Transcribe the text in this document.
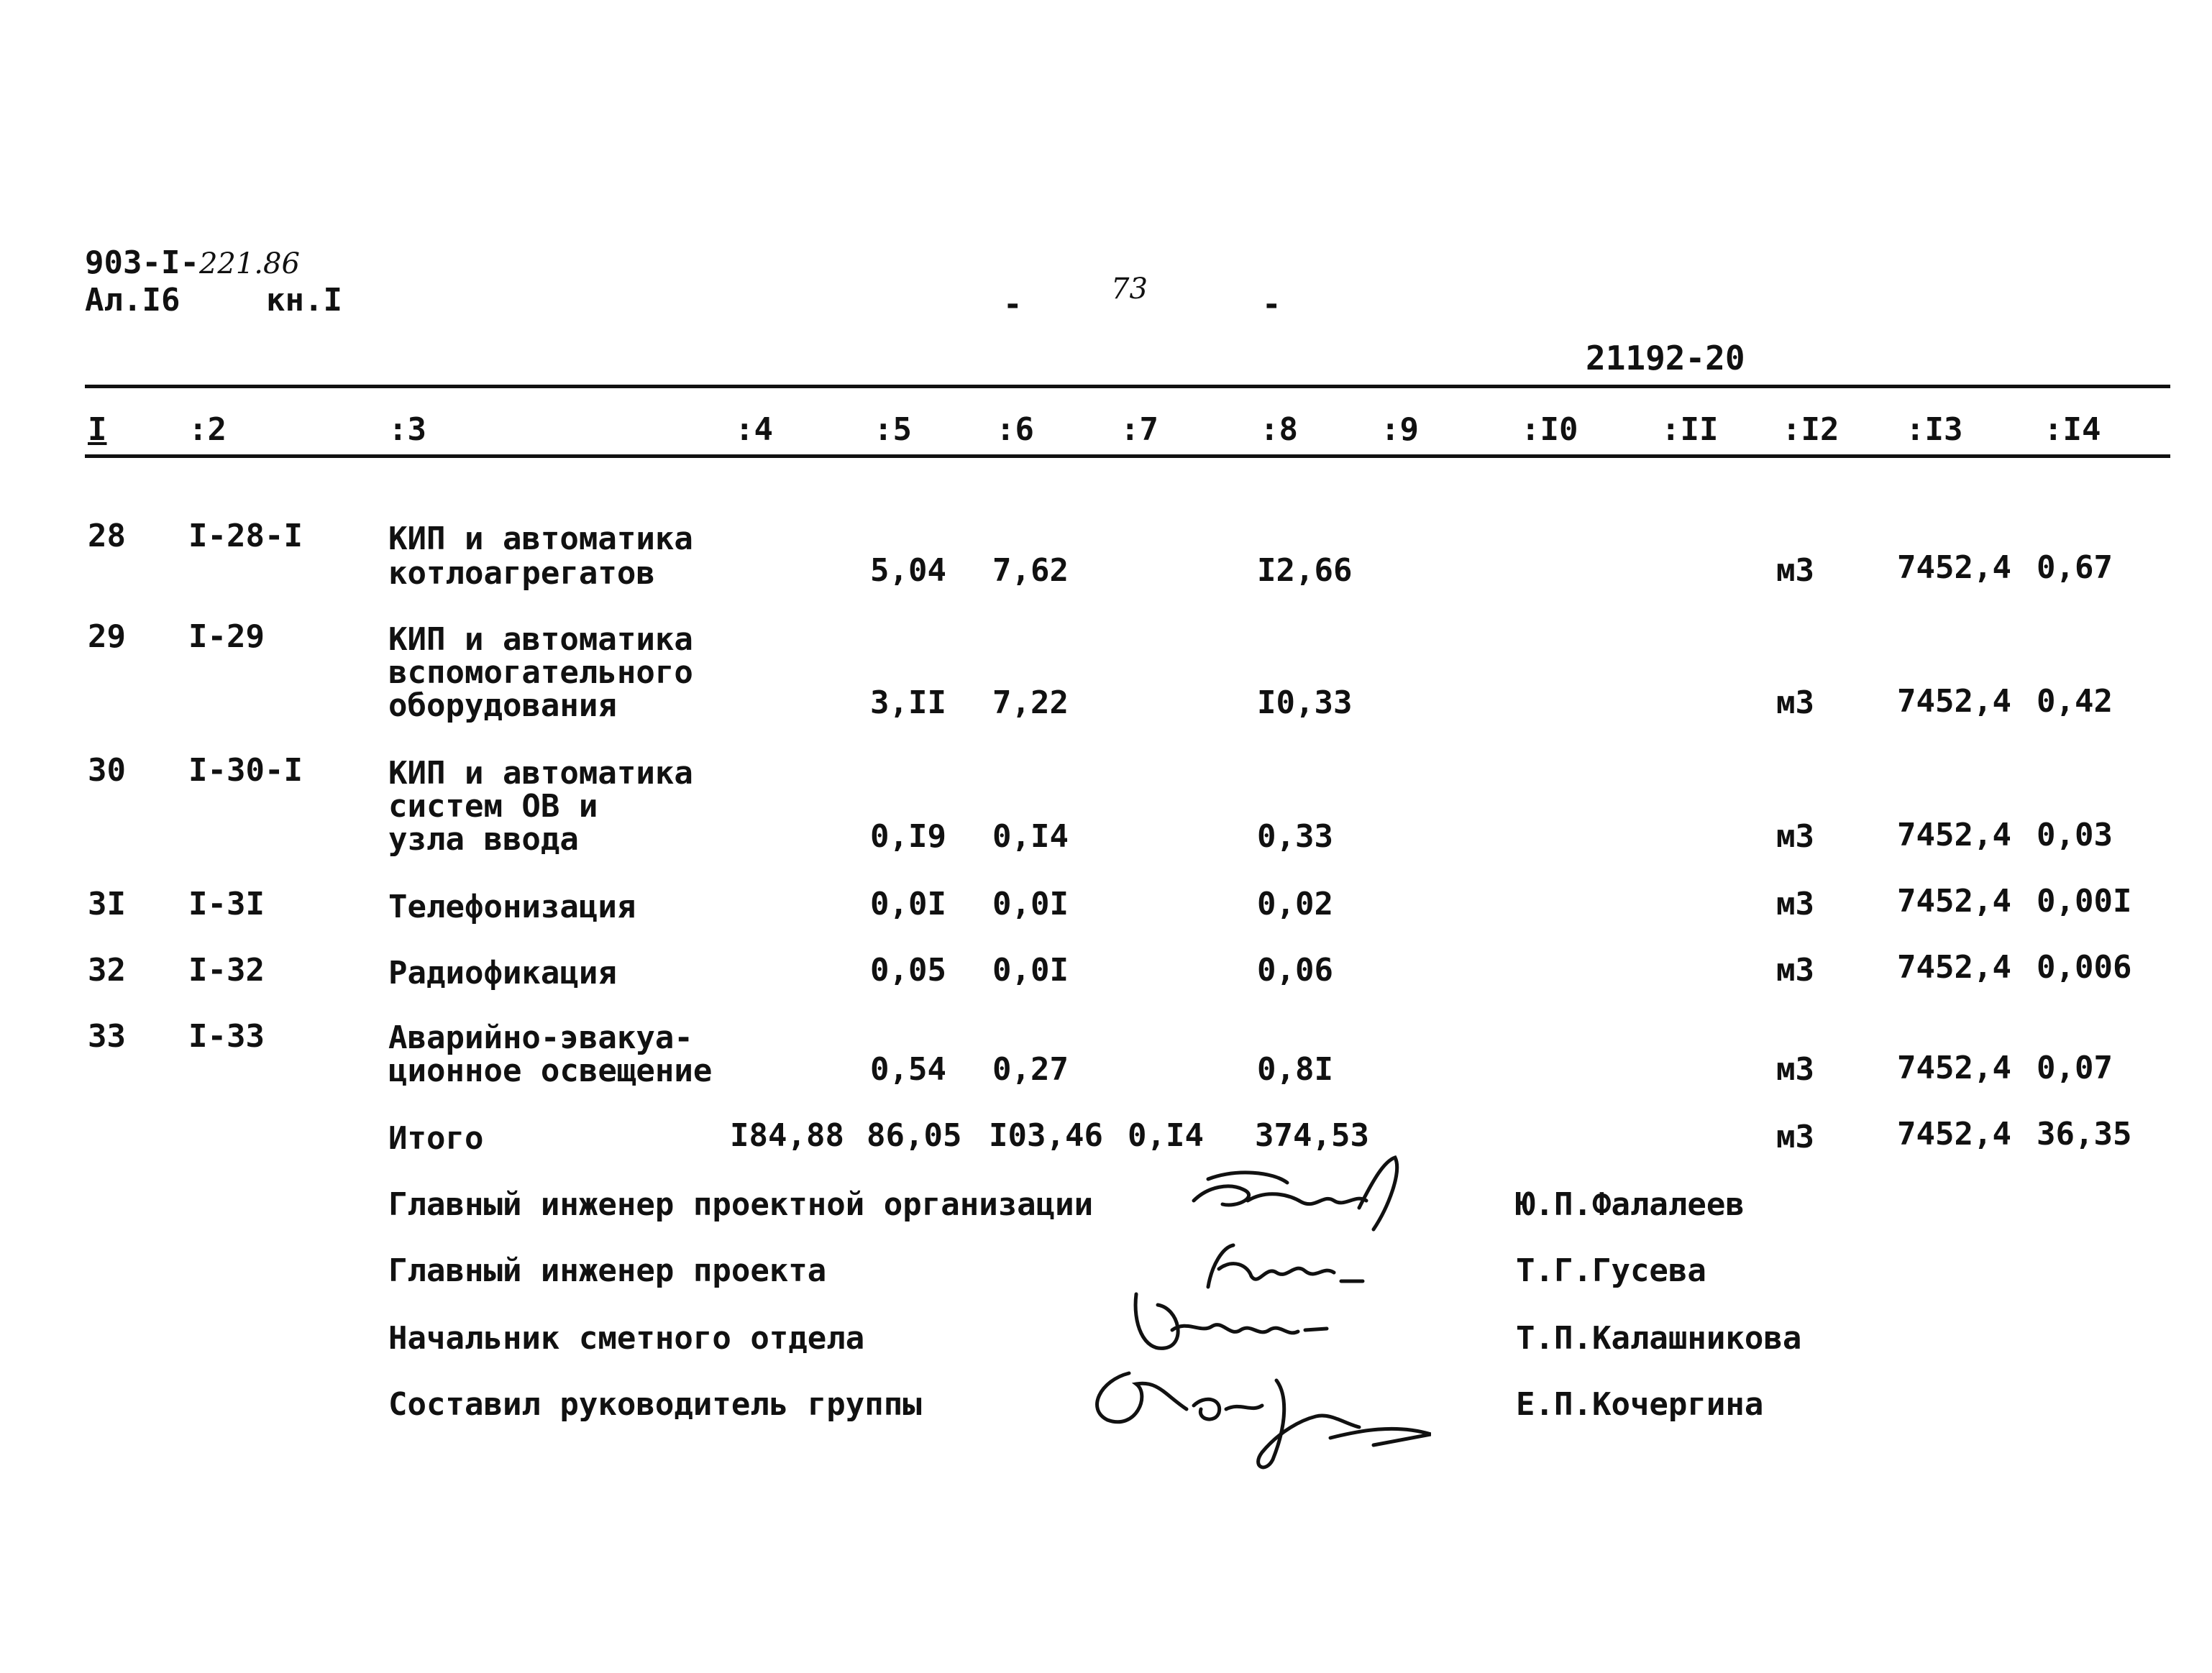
903-I-221.86
Ал.I6	кн.I	-	73	-
21192-20
I	:2	:3	:4	:5	:6	:7	:8	:9	:I0	:II :I2 :I3	:I4
28 I-28-I	КИП и автоматика
котлоагрегатов	5,04 7,62	I2,66	м3	7452,4 0,67
29 I-29	КИП и автоматика
вспомогательного
оборудования	3,II 7,22	I0,33	м3	7452,4 0,42
30 I-30-I	КИП и автоматика
систем ОВ и
узла ввода	0,I9 0,I4	0,33	м3	7452,4 0,03
3I I-3I	Телефонизация	0,0I 0,0I	0,02	м3	7452,4 0,00I
32 I-32	Радиофикация	0,05 0,0I	0,06	м3	7452,4 0,006
33 I-33	Аварийно-эвакуа-
ционное освещение	0,54 0,27	0,8I	м3	7452,4 0,07
Итого	I84,88 86,05 I03,46 0,I4 374,53	м3	7452,4 36,35
Главный инженер проектной организации	Ю.П.Фалалеев
Главный инженер проекта	Т.Г.Гусева
Начальник сметного отдела	Т.П.Калашникова
Составил руководитель группы	Е.П.Кочергина
